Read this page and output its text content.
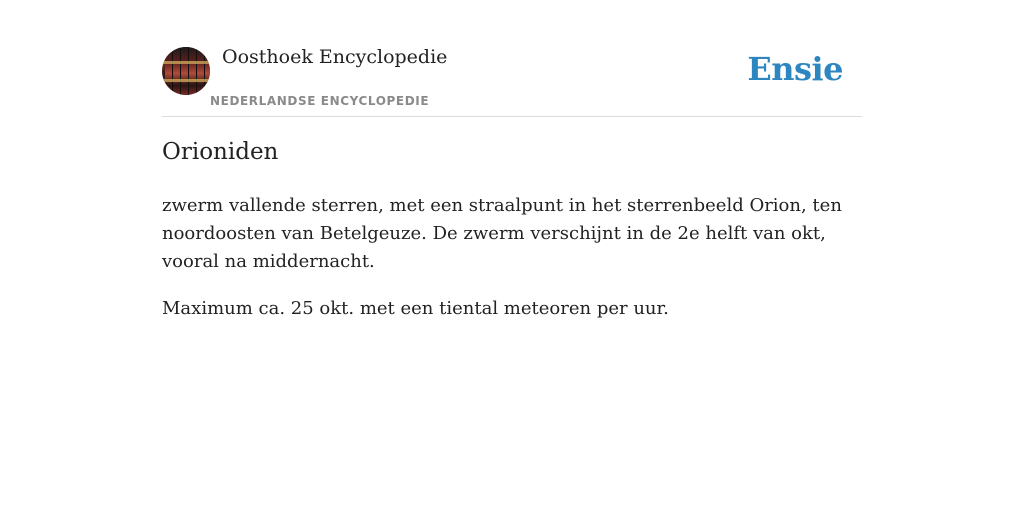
Oosthoek Encyclopedie
NEDERLANDSE ENCYCLOPEDIE
Ensie
Orioniden

zwerm vallende sterren, met een straalpunt in het sterrenbeeld Orion, ten noordoosten van Betelgeuze. De zwerm verschijnt in de 2e helft van okt, vooral na middernacht.

Maximum ca. 25 okt. met een tiental meteoren per uur.
